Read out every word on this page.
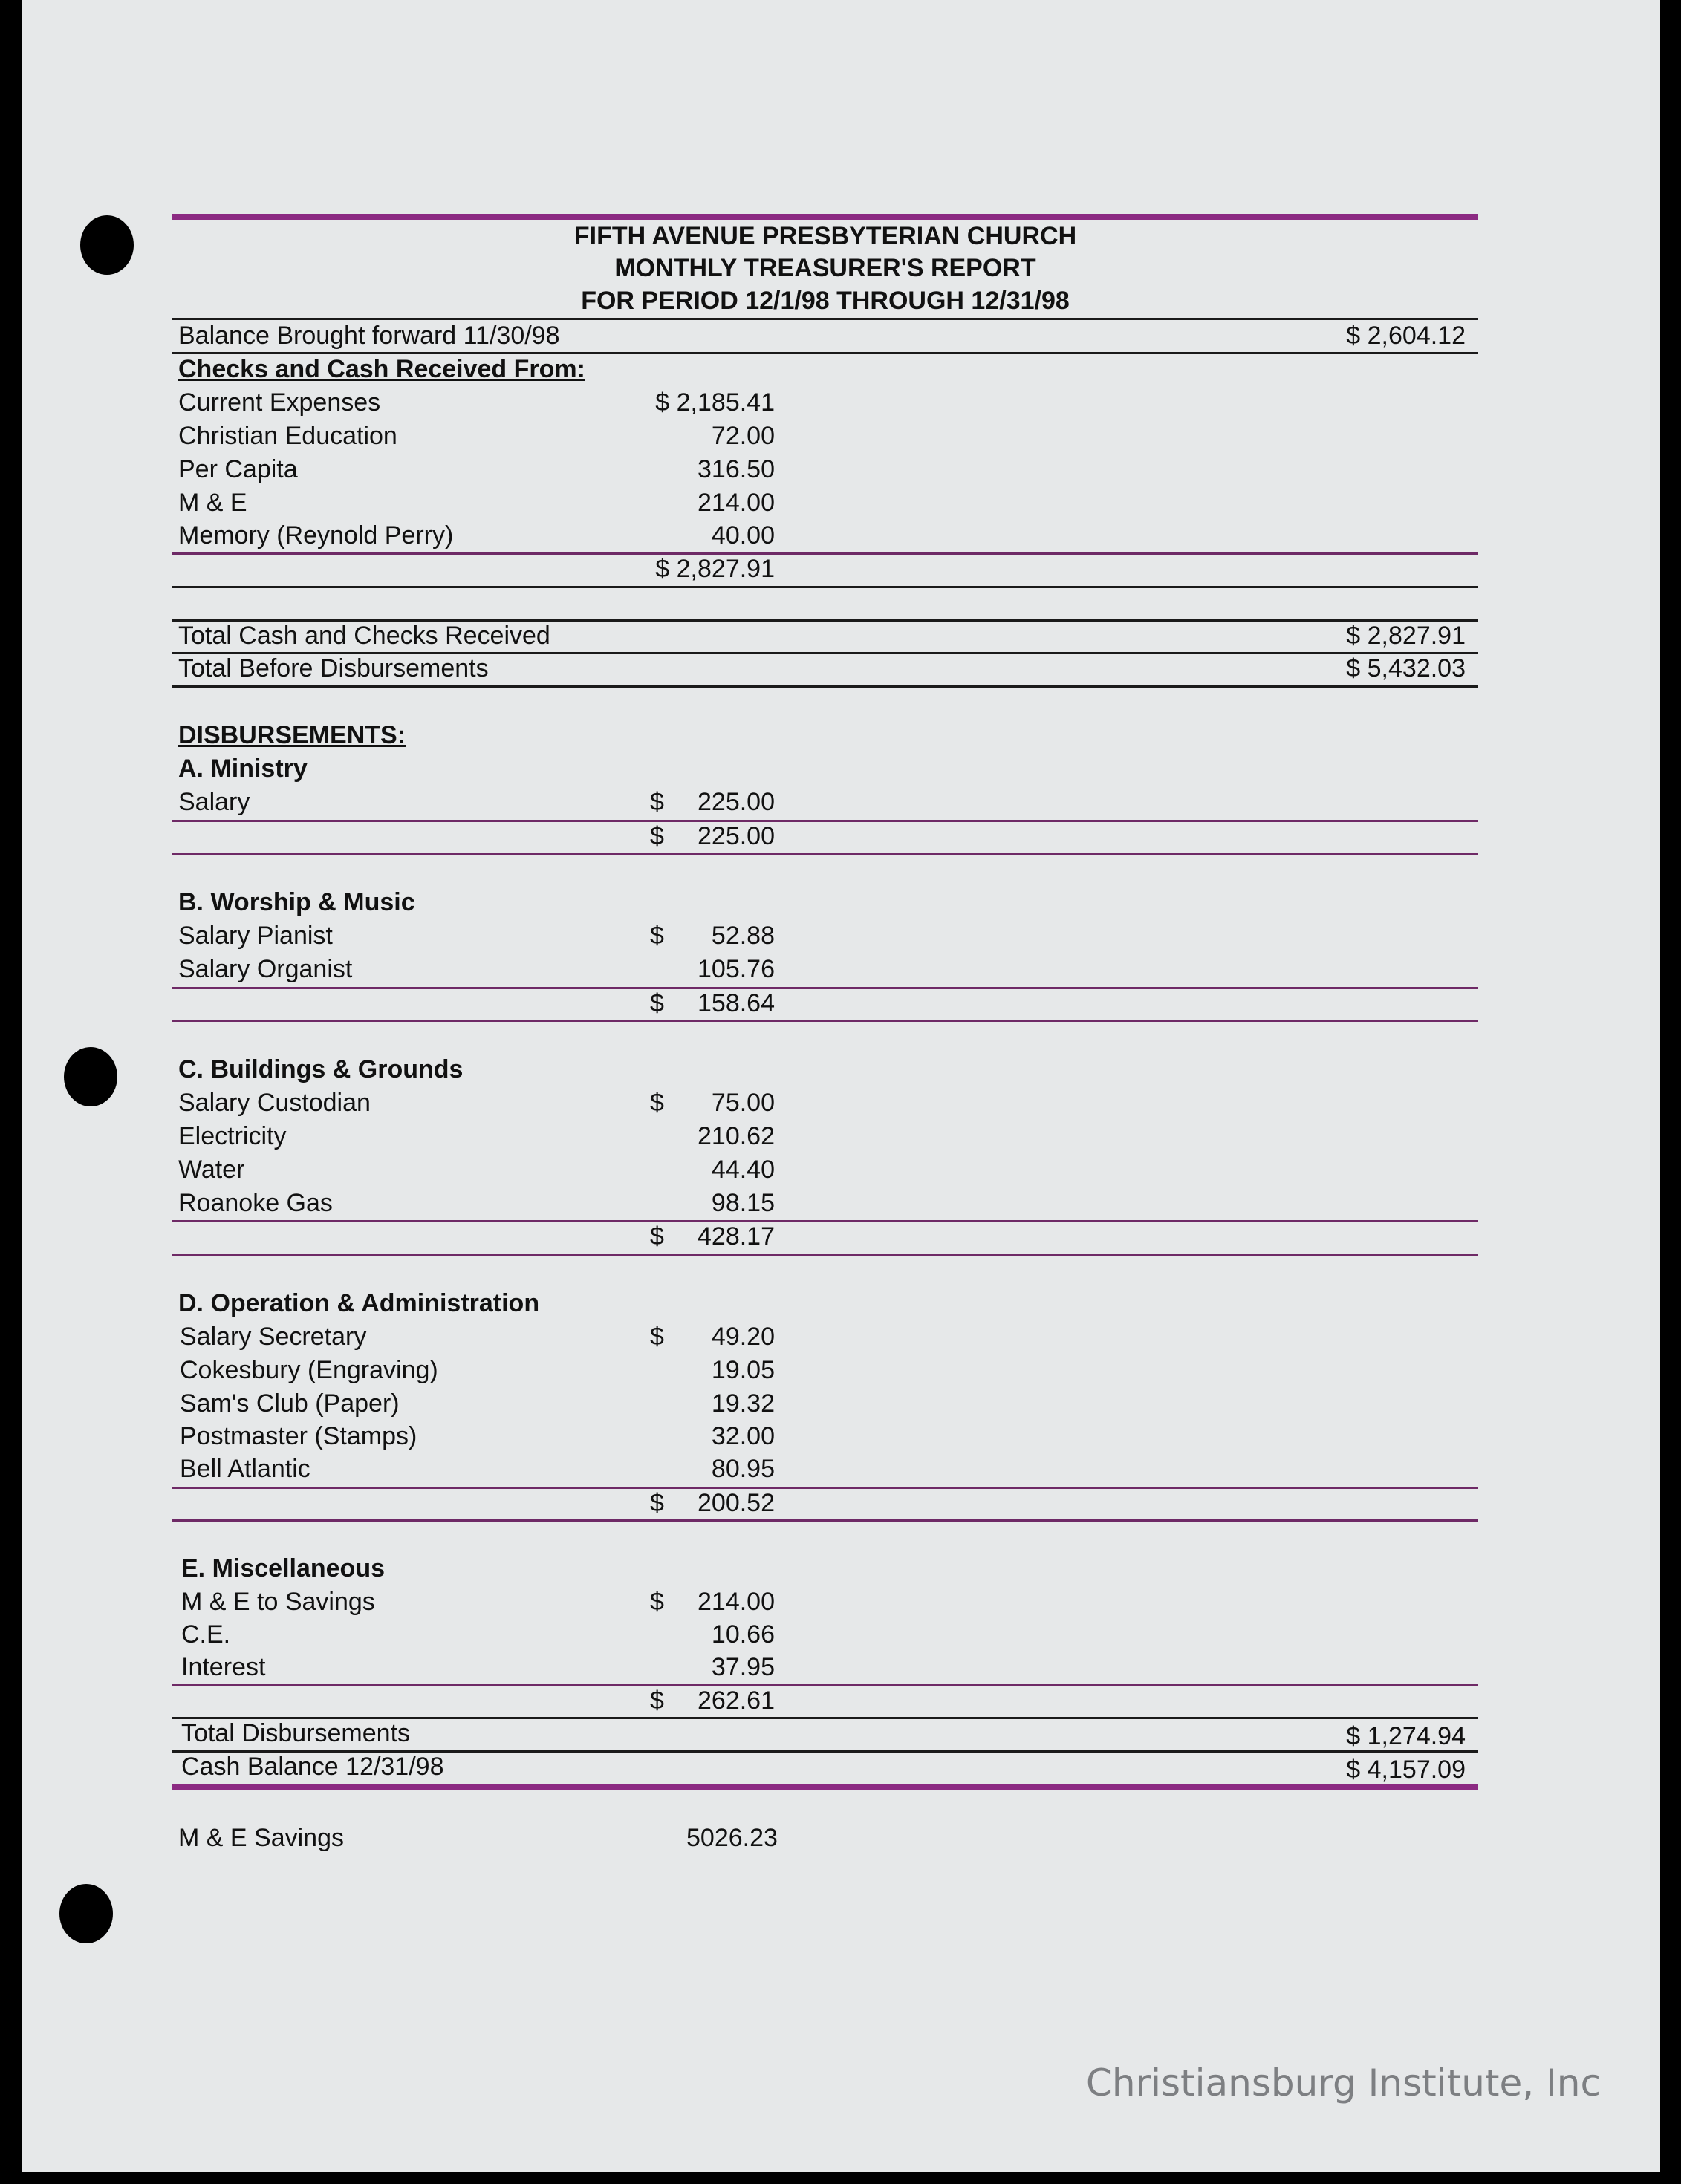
FIFTH AVENUE PRESBYTERIAN CHURCH
MONTHLY TREASURER'S REPORT
FOR PERIOD 12/1/98 THROUGH 12/31/98
Balance Brought forward 11/30/98	$ 2,604.12
Checks and Cash Received From:
Current Expenses	$ 2,185.41
Christian Education	72.00
Per Capita	316.50
M & E	214.00
Memory (Reynold Perry)	40.00
$ 2,827.91
Total Cash and Checks Received	$ 2,827.91
Total Before Disbursements	$ 5,432.03
DISBURSEMENTS:
A. Ministry
Salary	$ 225.00
$ 225.00
B. Worship & Music
Salary Pianist	$ 52.88
Salary Organist	105.76
$ 158.64
C. Buildings & Grounds
Salary Custodian	$ 75.00
Electricity	210.62
Water	44.40
Roanoke Gas	98.15
$ 428.17
D. Operation & Administration
Salary Secretary	$ 49.20
Cokesbury (Engraving)	19.05
Sam's Club (Paper)	19.32
Postmaster (Stamps)	32.00
Bell Atlantic	80.95
$ 200.52
E. Miscellaneous
M & E to Savings	$ 214.00
C.E.	10.66
Interest	37.95
$ 262.61
Total Disbursements	$ 1,274.94
Cash Balance 12/31/98	$ 4,157.09
M & E Savings	5026.23
Christiansburg Institute, Inc
